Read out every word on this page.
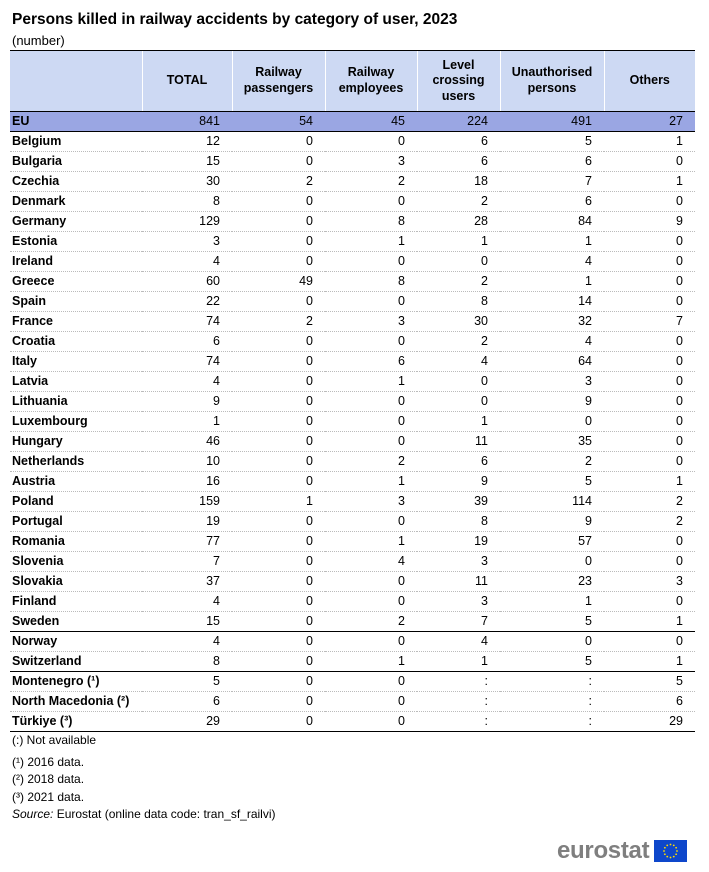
Persons killed in railway accidents by category of user, 2023
(number)
	TOTAL	Railway passengers	Railway employees	Level crossing users	Unauthorised persons	Others
EU	841	54	45	224	491	27
Belgium	12	0	0	6	5	1
Bulgaria	15	0	3	6	6	0
Czechia	30	2	2	18	7	1
Denmark	8	0	0	2	6	0
Germany	129	0	8	28	84	9
Estonia	3	0	1	1	1	0
Ireland	4	0	0	0	4	0
Greece	60	49	8	2	1	0
Spain	22	0	0	8	14	0
France	74	2	3	30	32	7
Croatia	6	0	0	2	4	0
Italy	74	0	6	4	64	0
Latvia	4	0	1	0	3	0
Lithuania	9	0	0	0	9	0
Luxembourg	1	0	0	1	0	0
Hungary	46	0	0	11	35	0
Netherlands	10	0	2	6	2	0
Austria	16	0	1	9	5	1
Poland	159	1	3	39	114	2
Portugal	19	0	0	8	9	2
Romania	77	0	1	19	57	0
Slovenia	7	0	4	3	0	0
Slovakia	37	0	0	11	23	3
Finland	4	0	0	3	1	0
Sweden	15	0	2	7	5	1
Norway	4	0	0	4	0	0
Switzerland	8	0	1	1	5	1
Montenegro (¹)	5	0	0	:	:	5
North Macedonia (²)	6	0	0	:	:	6
Türkiye (³)	29	0	0	:	:	29
(:) Not available
(¹) 2016 data.
(²) 2018 data.
(³) 2021 data.
Source: Eurostat (online data code: tran_sf_railvi)
eurostat
